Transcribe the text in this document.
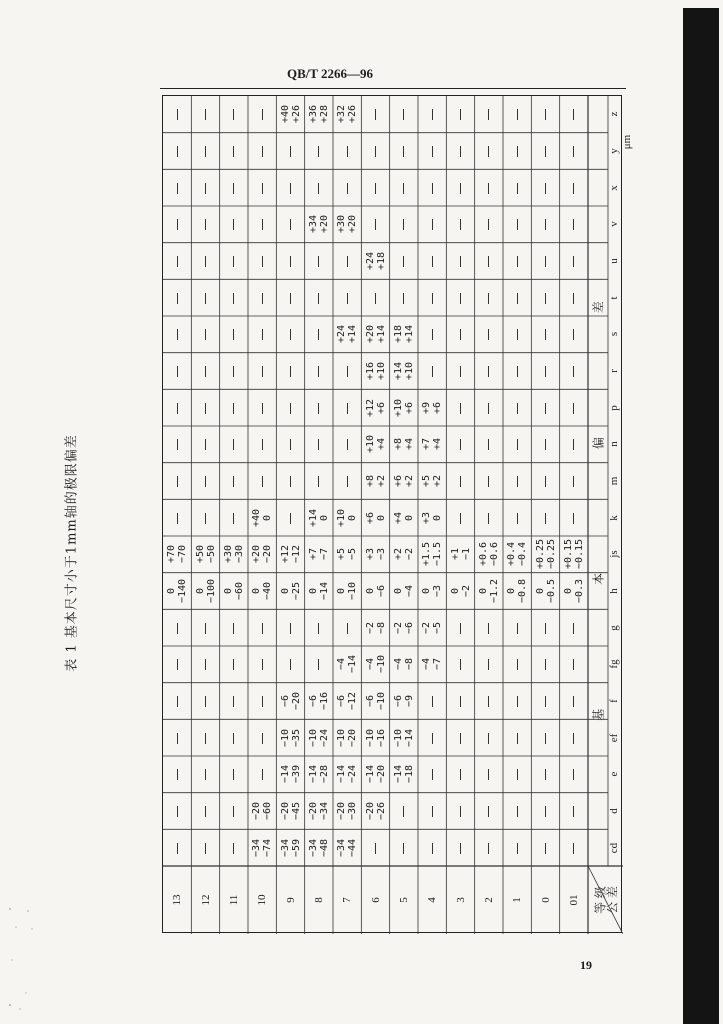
QB/T 2266—96
μm
表 1 基本尺寸小于1mm轴的极限偏差
cd
d
e
ef
f
fg
g
h
js
k
m
n
p
r
s
t
u
v
x
y
z
基 本 偏 差
公 差
等 级
01
0 −0.3
+0.15 −0.15
0
0 −0.5
+0.25 −0.25
1
0 −0.8
+0.4 −0.4
2
0 −1.2
+0.6 −0.6
3
0 −2
+1 −1
4
−4 −7
−2 −5
0 −3
+1.5 −1.5
+3 0
+5 +2
+7 +4
+9 +6
5
−14 −18
−10 −14
−6 −9
−4 −8
−2 −6
0 −4
+2 −2
+4 0
+6 +2
+8 +4
+10 +6
+14 +10
+18 +14
6
−20 −26
−14 −20
−10 −16
−6 −10
−4 −10
−2 −8
0 −6
+3 −3
+6 0
+8 +2
+10 +4
+12 +6
+16 +10
+20 +14
+24 +18
7
−34 −44
−20 −30
−14 −24
−10 −20
−6 −12
−4 −14
0 −10
+5 −5
+10 0
+24 +14
+30 +20
+32 +26
8
−34 −48
−20 −34
−14 −28
−10 −24
−6 −16
0 −14
+7 −7
+14 0
+34 +20
+36 +28
9
−34 −59
−20 −45
−14 −39
−10 −35
−6 −20
0 −25
+12 −12
+40 +26
10
−34 −74
−20 −60
0 −40
+20 −20
+40 0
11
0 −60
+30 −30
12
0 −100
+50 −50
13
0 −140
+70 −70
19
